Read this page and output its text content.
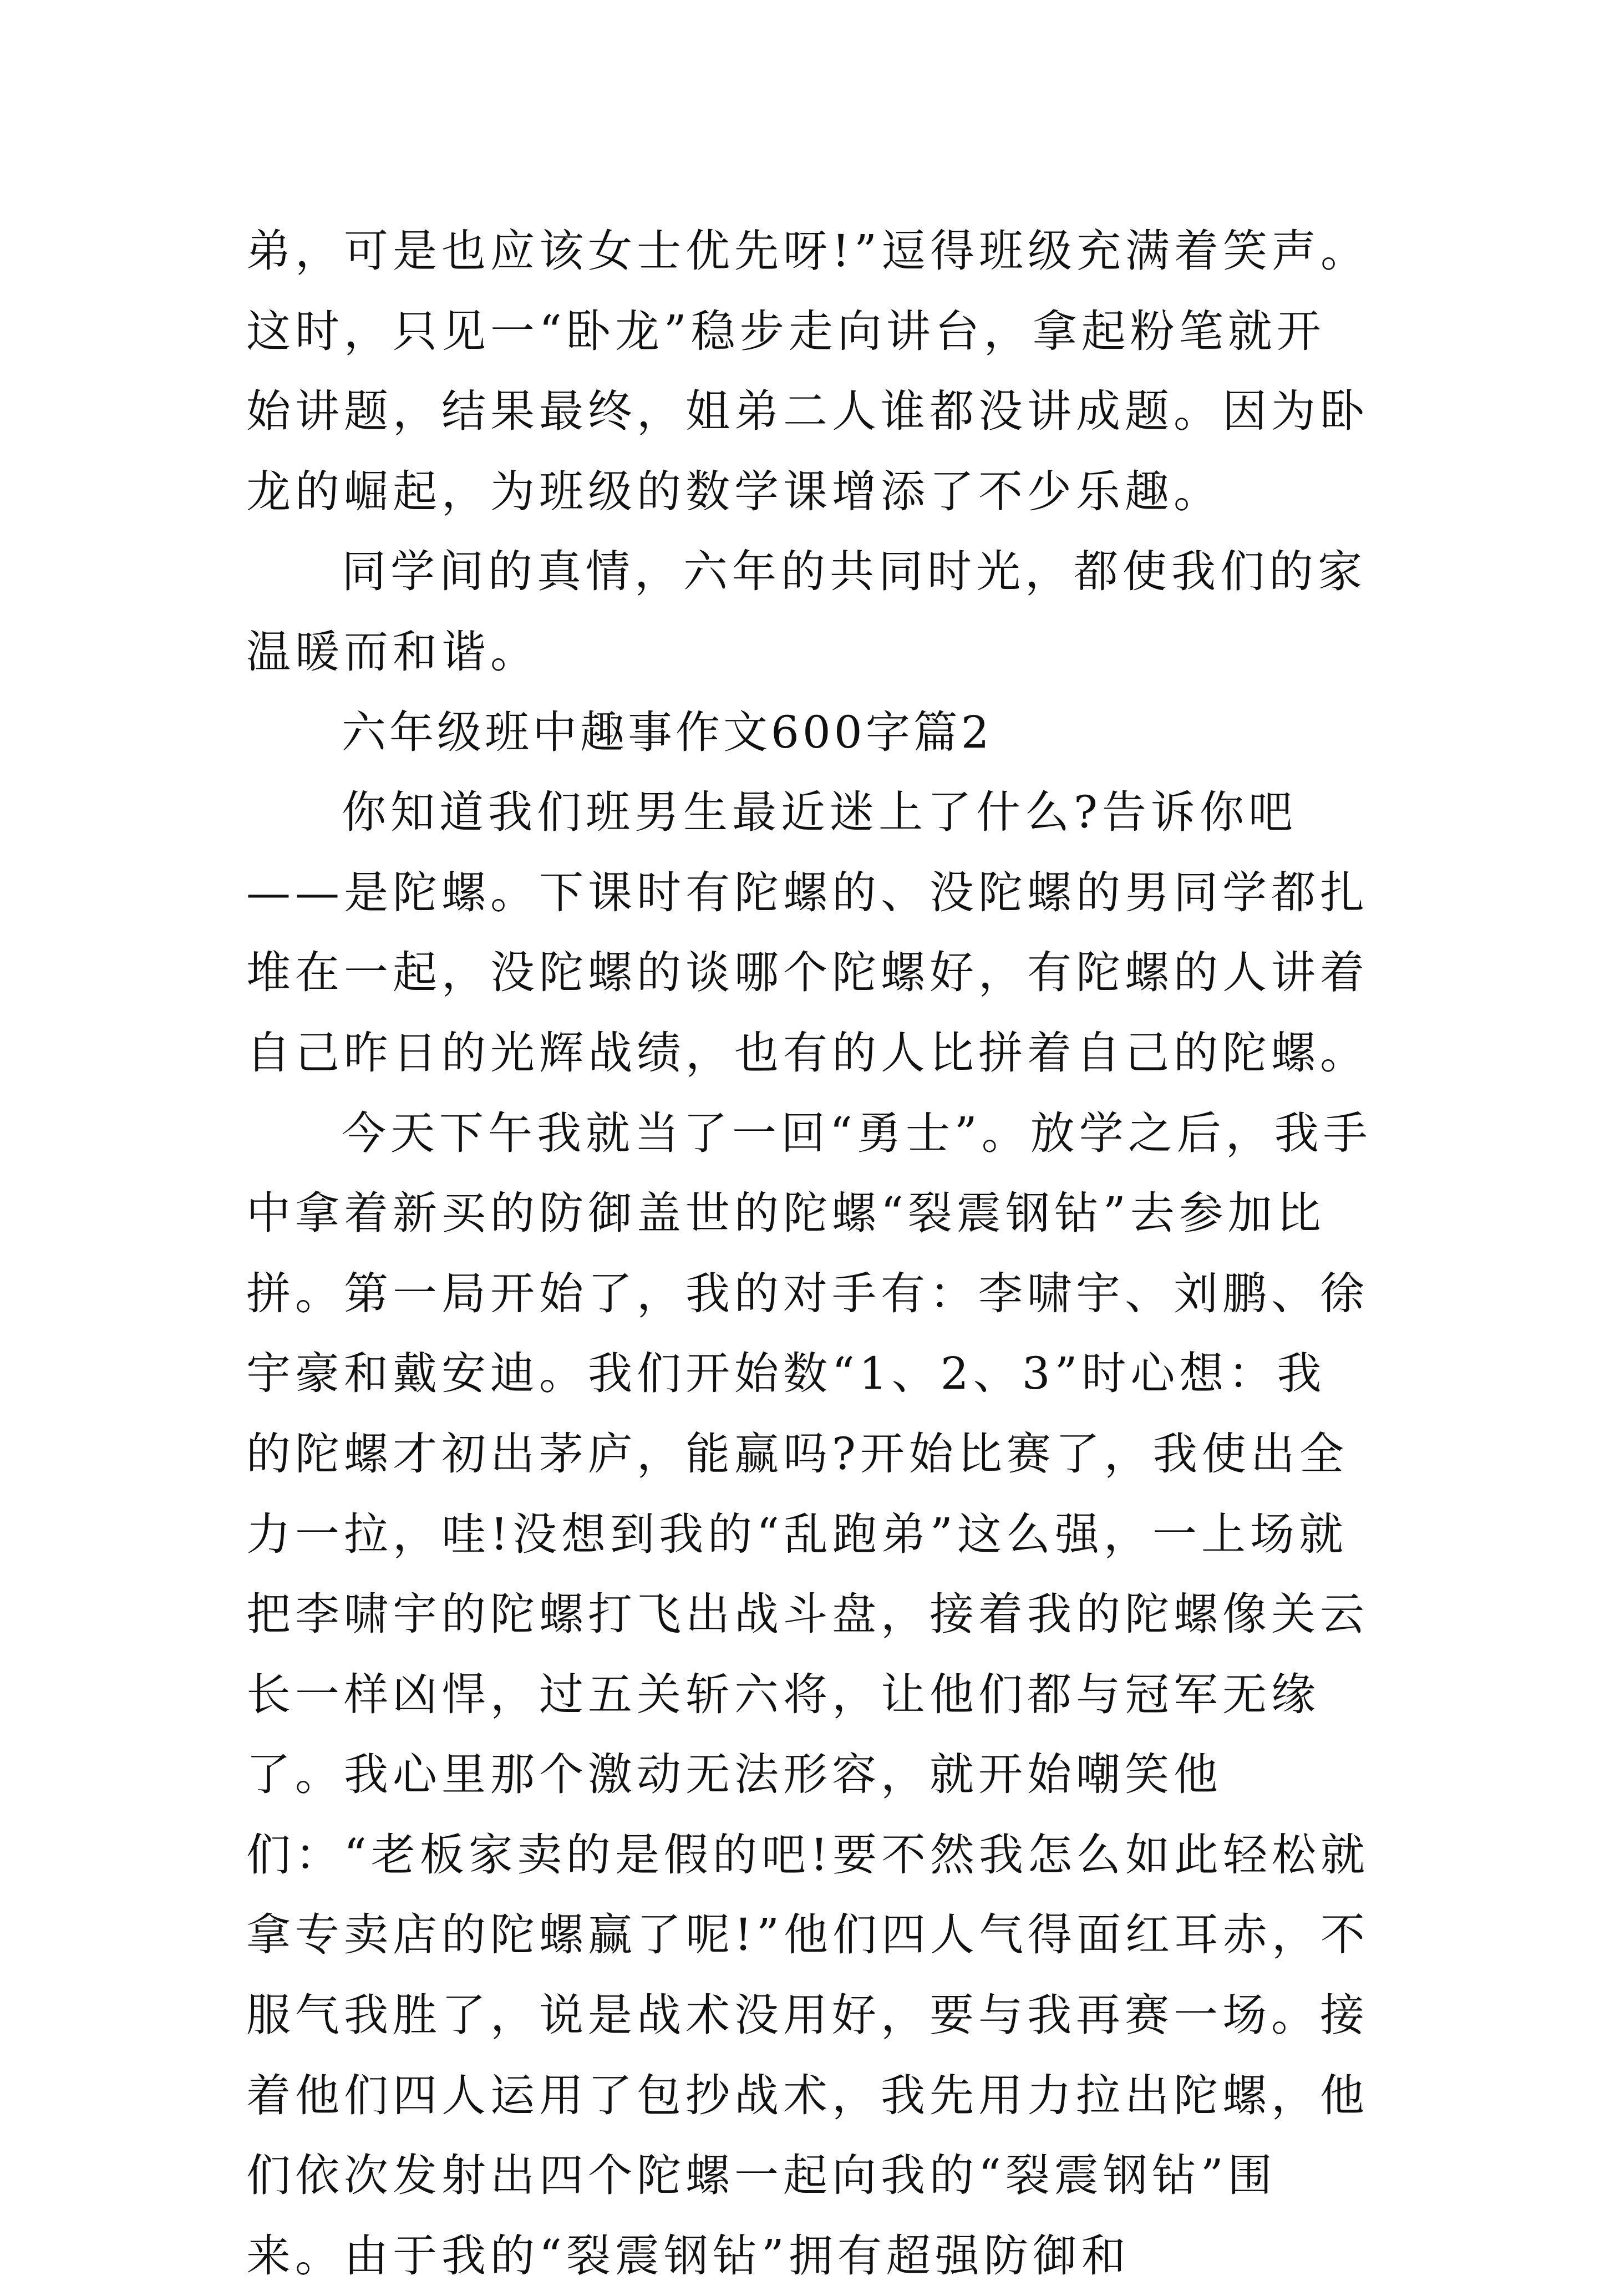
弟，可是也应该女士优先呀!”逗得班级充满着笑声。这时，只见一“卧龙”稳步走向讲台，拿起粉笔就开始讲题，结果最终，姐弟二人谁都没讲成题。因为卧龙的崛起，为班级的数学课增添了不少乐趣。

同学间的真情，六年的共同时光，都使我们的家温暖而和谐。

六年级班中趣事作文600字篇2

你知道我们班男生最近迷上了什么?告诉你吧——是陀螺。下课时有陀螺的、没陀螺的男同学都扎堆在一起，没陀螺的谈哪个陀螺好，有陀螺的人讲着自己昨日的光辉战绩，也有的人比拼着自己的陀螺。

今天下午我就当了一回“勇士”。放学之后，我手中拿着新买的防御盖世的陀螺“裂震钢钻”去参加比拼。第一局开始了，我的对手有：李啸宇、刘鹏、徐宇豪和戴安迪。我们开始数“1、2、3”时心想：我的陀螺才初出茅庐，能赢吗?开始比赛了，我使出全力一拉，哇!没想到我的“乱跑弟”这么强，一上场就把李啸宇的陀螺打飞出战斗盘，接着我的陀螺像关云长一样凶悍，过五关斩六将，让他们都与冠军无缘了。我心里那个激动无法形容，就开始嘲笑他们：“老板家卖的是假的吧!要不然我怎么如此轻松就拿专卖店的陀螺赢了呢!”他们四人气得面红耳赤，不服气我胜了，说是战术没用好，要与我再赛一场。接着他们四人运用了包抄战术，我先用力拉出陀螺，他们依次发射出四个陀螺一起向我的“裂震钢钻”围来。由于我的“裂震钢钻”拥有超强防御和
